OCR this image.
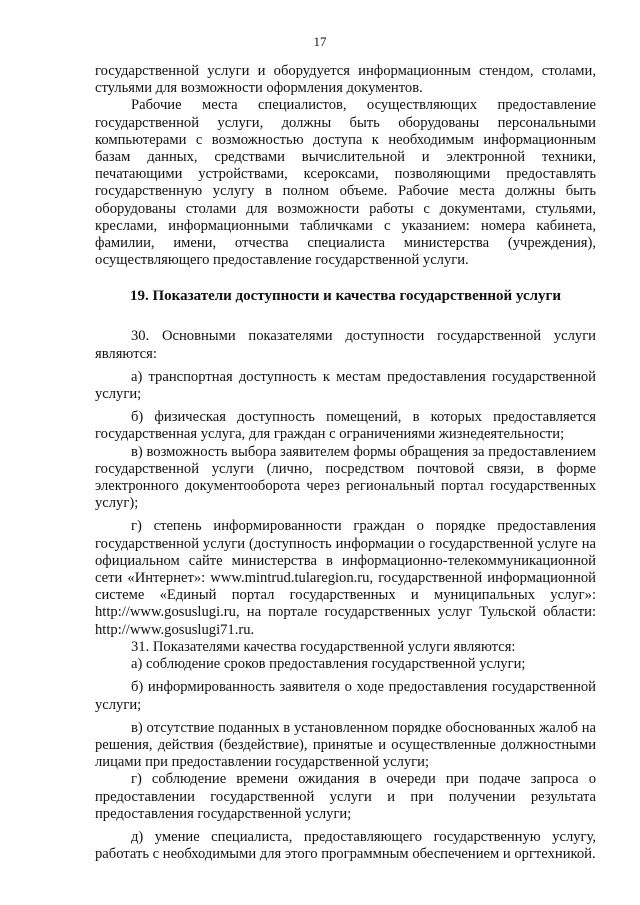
17

государственной услуги и оборудуется информационным стендом, столами, стульями для возможности оформления документов.

Рабочие места специалистов, осуществляющих предоставление государственной услуги, должны быть оборудованы персональными компьютерами с возможностью доступа к необходимым информационным базам данных, средствами вычислительной и электронной техники, печатающими устройствами, ксероксами, позволяющими предоставлять государственную услугу в полном объеме. Рабочие места должны быть оборудованы столами для возможности работы с документами, стульями, креслами, информационными табличками с указанием: номера кабинета, фамилии, имени, отчества специалиста министерства (учреждения), осуществляющего предоставление государственной услуги.

19. Показатели доступности и качества государственной услуги

30. Основными показателями доступности государственной услуги являются:

а) транспортная доступность к местам предоставления государственной услуги;

б) физическая доступность помещений, в которых предоставляется государственная услуга, для граждан с ограничениями жизнедеятельности;

в) возможность выбора заявителем формы обращения за предоставлением государственной услуги (лично, посредством почтовой связи, в форме электронного документооборота через региональный портал государственных услуг);

г) степень информированности граждан о порядке предоставления государственной услуги (доступность информации о государственной услуге на официальном сайте министерства в информационно-телекоммуникационной сети «Интернет»: www.mintrud.tularegion.ru, государственной информационной системе «Единый портал государственных и муниципальных услуг»: http://www.gosuslugi.ru, на портале государственных услуг Тульской области: http://www.gosuslugi71.ru.

31. Показателями качества государственной услуги являются:

а) соблюдение сроков предоставления государственной услуги;

б) информированность заявителя о ходе предоставления государственной услуги;

в) отсутствие поданных в установленном порядке обоснованных жалоб на решения, действия (бездействие), принятые и осуществленные должностными лицами при предоставлении государственной услуги;

г) соблюдение времени ожидания в очереди при подаче запроса о предоставлении государственной услуги и при получении результата предоставления государственной услуги;

д) умение специалиста, предоставляющего государственную услугу, работать с необходимыми для этого программным обеспечением и оргтехникой.
